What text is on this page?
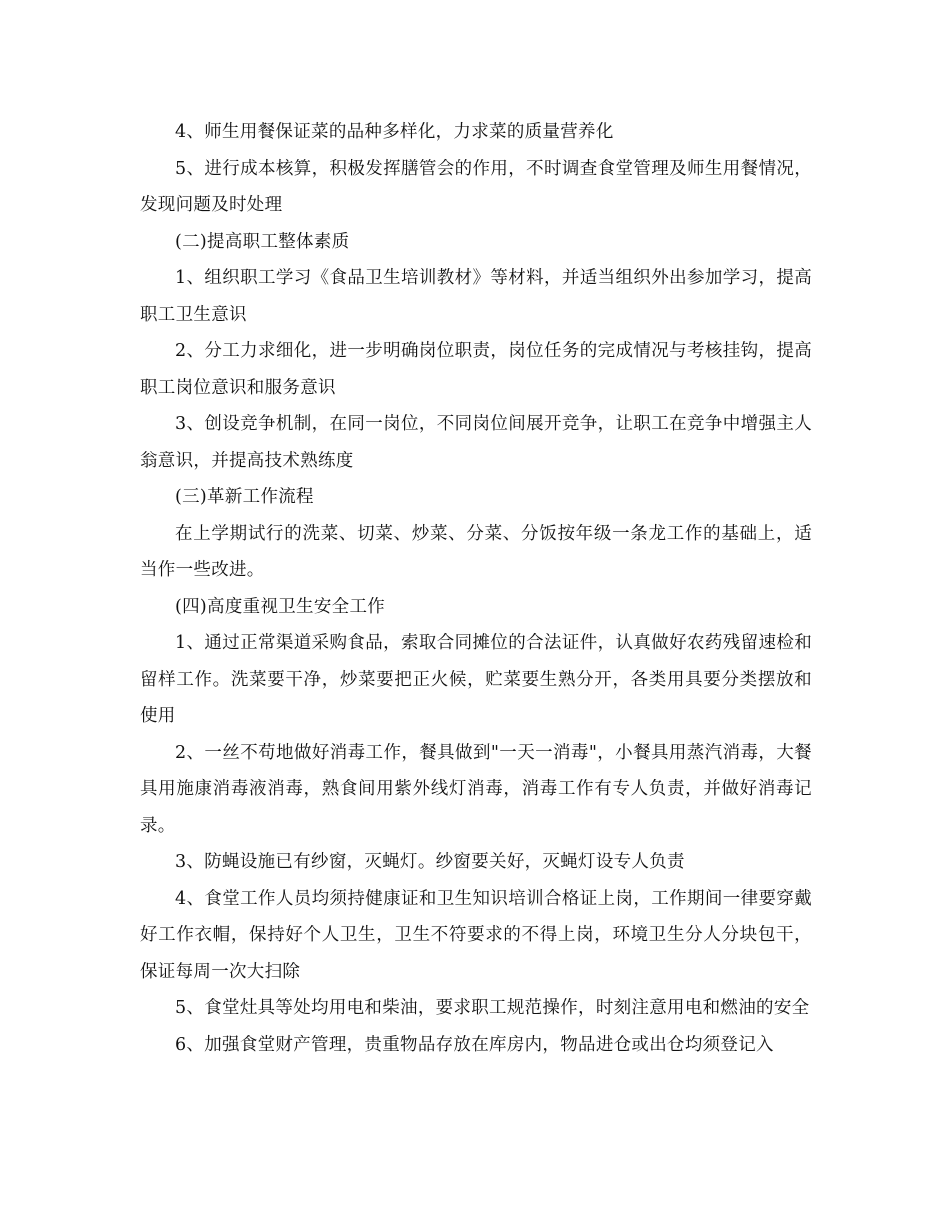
4、师生用餐保证菜的品种多样化，力求菜的质量营养化

5、进行成本核算，积极发挥膳管会的作用，不时调查食堂管理及师生用餐情况，发现问题及时处理

(二)提高职工整体素质

1、组织职工学习《食品卫生培训教材》等材料，并适当组织外出参加学习，提高职工卫生意识

2、分工力求细化，进一步明确岗位职责，岗位任务的完成情况与考核挂钩，提高职工岗位意识和服务意识

3、创设竞争机制，在同一岗位，不同岗位间展开竞争，让职工在竞争中增强主人翁意识，并提高技术熟练度

(三)革新工作流程

在上学期试行的洗菜、切菜、炒菜、分菜、分饭按年级一条龙工作的基础上，适当作一些改进。

(四)高度重视卫生安全工作

1、通过正常渠道采购食品，索取合同摊位的合法证件，认真做好农药残留速检和留样工作。洗菜要干净，炒菜要把正火候，贮菜要生熟分开，各类用具要分类摆放和使用

2、一丝不苟地做好消毒工作，餐具做到"一天一消毒"，小餐具用蒸汽消毒，大餐具用施康消毒液消毒，熟食间用紫外线灯消毒，消毒工作有专人负责，并做好消毒记录。

3、防蝇设施已有纱窗，灭蝇灯。纱窗要关好，灭蝇灯设专人负责

4、食堂工作人员均须持健康证和卫生知识培训合格证上岗，工作期间一律要穿戴好工作衣帽，保持好个人卫生，卫生不符要求的不得上岗，环境卫生分人分块包干，保证每周一次大扫除

5、食堂灶具等处均用电和柴油，要求职工规范操作，时刻注意用电和燃油的安全

6、加强食堂财产管理，贵重物品存放在库房内，物品进仓或出仓均须登记入
